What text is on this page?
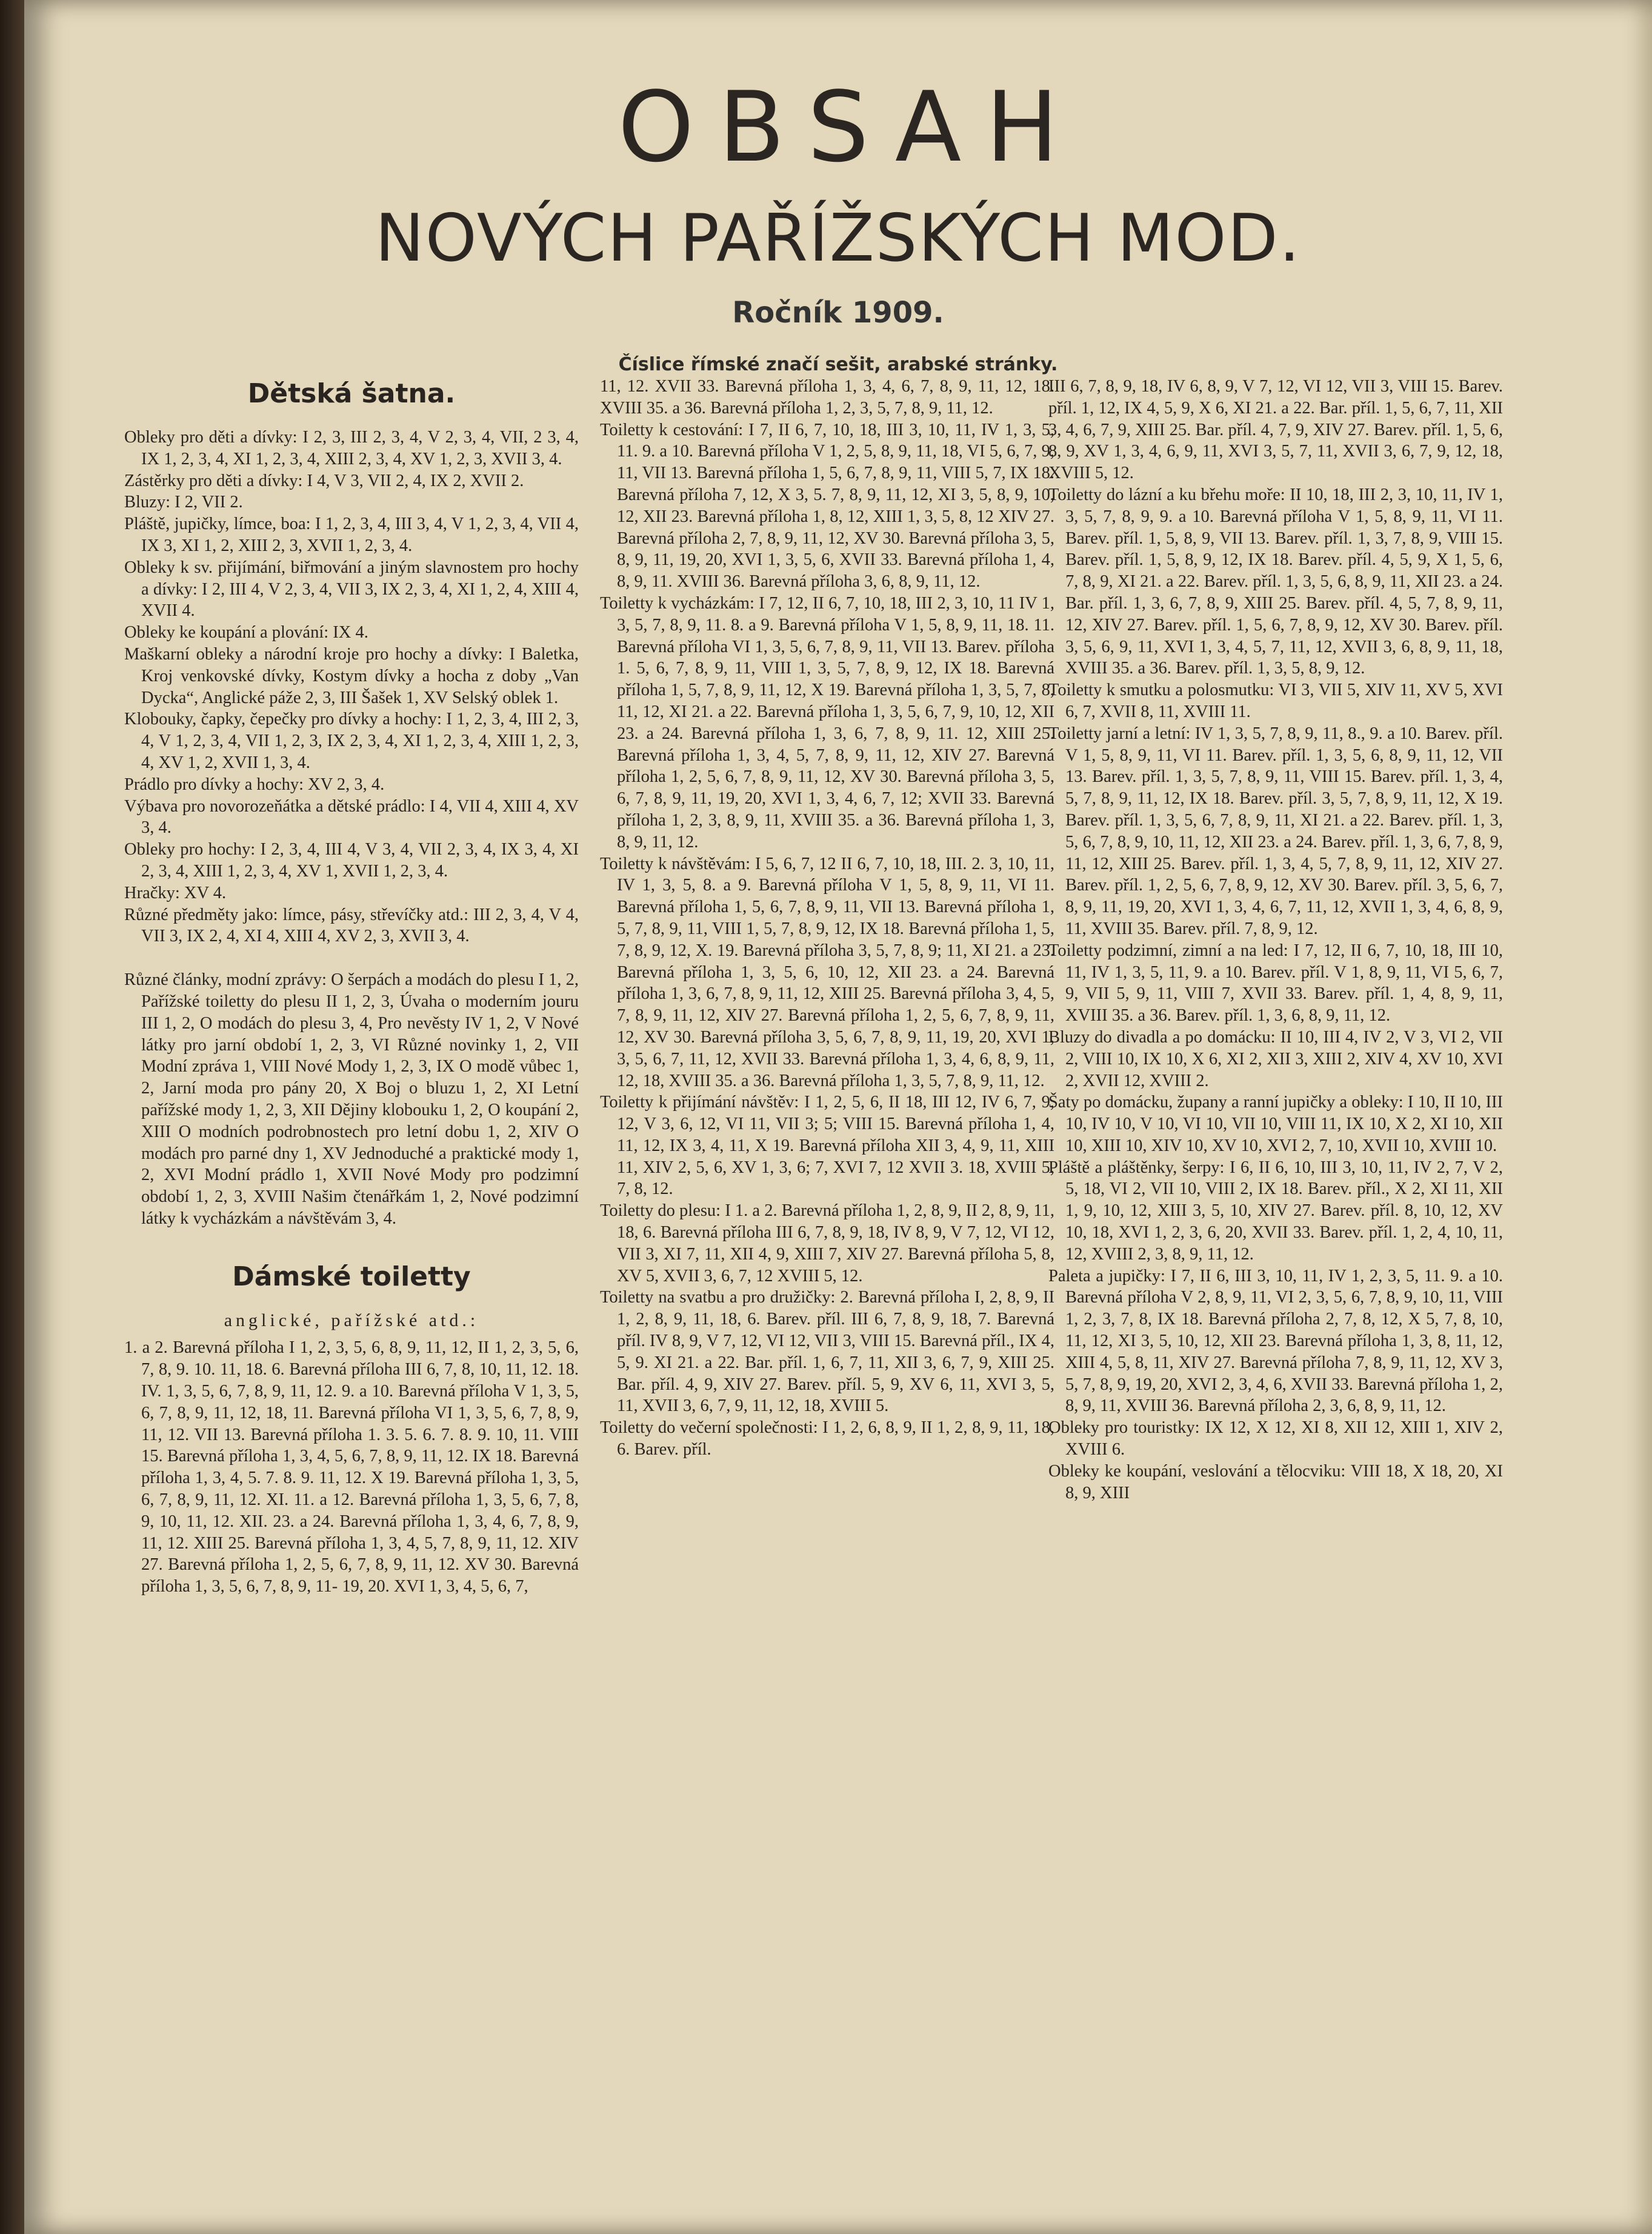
OBSAH
NOVÝCH PAŘÍŽSKÝCH MOD.
Ročník 1909.
Číslice římské značí sešit, arabské stránky.
Dětská šatna.

Obleky pro děti a dívky: I 2, 3, III 2, 3, 4, V 2, 3, 4, VII, 2 3, 4, IX 1, 2, 3, 4, XI 1, 2, 3, 4, XIII 2, 3, 4, XV 1, 2, 3, XVII 3, 4.

Zástěrky pro děti a dívky: I 4, V 3, VII 2, 4, IX 2, XVII 2.

Bluzy: I 2, VII 2.

Pláště, jupičky, límce, boa: I 1, 2, 3, 4, III 3, 4, V 1, 2, 3, 4, VII 4, IX 3, XI 1, 2, XIII 2, 3, XVII 1, 2, 3, 4.

Obleky k sv. přijímání, biřmování a jiným slavnostem pro hochy a dívky: I 2, III 4, V 2, 3, 4, VII 3, IX 2, 3, 4, XI 1, 2, 4, XIII 4, XVII 4.

Obleky ke koupání a plování: IX 4.

Maškarní obleky a národní kroje pro hochy a dívky: I Baletka, Kroj venkovské dívky, Kostym dívky a hocha z doby „Van Dycka“, Anglické páže 2, 3, III Šašek 1, XV Selský oblek 1.

Klobouky, čapky, čepečky pro dívky a hochy: I 1, 2, 3, 4, III 2, 3, 4, V 1, 2, 3, 4, VII 1, 2, 3, IX 2, 3, 4, XI 1, 2, 3, 4, XIII 1, 2, 3, 4, XV 1, 2, XVII 1, 3, 4.

Prádlo pro dívky a hochy: XV 2, 3, 4.

Výbava pro novorozeňátka a dětské prádlo: I 4, VII 4, XIII 4, XV 3, 4.

Obleky pro hochy: I 2, 3, 4, III 4, V 3, 4, VII 2, 3, 4, IX 3, 4, XI 2, 3, 4, XIII 1, 2, 3, 4, XV 1, XVII 1, 2, 3, 4.

Hračky: XV 4.

Různé předměty jako: límce, pásy, střevíčky atd.: III 2, 3, 4, V 4, VII 3, IX 2, 4, XI 4, XIII 4, XV 2, 3, XVII 3, 4.

Různé články, modní zprávy: O šerpách a modách do plesu I 1, 2, Pařížské toiletty do plesu II 1, 2, 3, Úvaha o moderním jouru III 1, 2, O modách do plesu 3, 4, Pro nevěsty IV 1, 2, V Nové látky pro jarní období 1, 2, 3, VI Různé novinky 1, 2, VII Modní zpráva 1, VIII Nové Mody 1, 2, 3, IX O modě vůbec 1, 2, Jarní moda pro pány 20, X Boj o bluzu 1, 2, XI Letní pařížské mody 1, 2, 3, XII Dějiny klobouku 1, 2, O koupání 2, XIII O modních podrobnostech pro letní dobu 1, 2, XIV O modách pro parné dny 1, XV Jednoduché a praktické mody 1, 2, XVI Modní prádlo 1, XVII Nové Mody pro podzimní období 1, 2, 3, XVIII Našim čtenářkám 1, 2, Nové podzimní látky k vycházkám a návštěvám 3, 4.

Dámské toiletty
anglické, pařížské atd.:

1. a 2. Barevná příloha I 1, 2, 3, 5, 6, 8, 9, 11, 12, II 1, 2, 3, 5, 6, 7, 8, 9. 10. 11, 18. 6. Barevná příloha III 6, 7, 8, 10, 11, 12. 18. IV. 1, 3, 5, 6, 7, 8, 9, 11, 12. 9. a 10. Barevná příloha V 1, 3, 5, 6, 7, 8, 9, 11, 12, 18, 11. Barevná příloha VI 1, 3, 5, 6, 7, 8, 9, 11, 12. VII 13. Barevná příloha 1. 3. 5. 6. 7. 8. 9. 10, 11. VIII 15. Barevná příloha 1, 3, 4, 5, 6, 7, 8, 9, 11, 12. IX 18. Barevná příloha 1, 3, 4, 5. 7. 8. 9. 11, 12. X 19. Barevná příloha 1, 3, 5, 6, 7, 8, 9, 11, 12. XI. 11. a 12. Barevná příloha 1, 3, 5, 6, 7, 8, 9, 10, 11, 12. XII. 23. a 24. Barevná příloha 1, 3, 4, 6, 7, 8, 9, 11, 12. XIII 25. Barevná příloha 1, 3, 4, 5, 7, 8, 9, 11, 12. XIV 27. Barevná příloha 1, 2, 5, 6, 7, 8, 9, 11, 12. XV 30. Barevná příloha 1, 3, 5, 6, 7, 8, 9, 11- 19, 20. XVI 1, 3, 4, 5, 6, 7,

11, 12. XVII 33. Barevná příloha 1, 3, 4, 6, 7, 8, 9, 11, 12, 18. XVIII 35. a 36. Barevná příloha 1, 2, 3, 5, 7, 8, 9, 11, 12.

Toiletty k cestování: I 7, II 6, 7, 10, 18, III 3, 10, 11, IV 1, 3, 5, 11. 9. a 10. Barevná příloha V 1, 2, 5, 8, 9, 11, 18, VI 5, 6, 7, 9, 11, VII 13. Barevná příloha 1, 5, 6, 7, 8, 9, 11, VIII 5, 7, IX 18. Barevná příloha 7, 12, X 3, 5. 7, 8, 9, 11, 12, XI 3, 5, 8, 9, 10, 12, XII 23. Barevná příloha 1, 8, 12, XIII 1, 3, 5, 8, 12 XIV 27. Barevná příloha 2, 7, 8, 9, 11, 12, XV 30. Barevná příloha 3, 5, 8, 9, 11, 19, 20, XVI 1, 3, 5, 6, XVII 33. Barevná příloha 1, 4, 8, 9, 11. XVIII 36. Barevná příloha 3, 6, 8, 9, 11, 12.

Toiletty k vycházkám: I 7, 12, II 6, 7, 10, 18, III 2, 3, 10, 11 IV 1, 3, 5, 7, 8, 9, 11. 8. a 9. Barevná příloha V 1, 5, 8, 9, 11, 18. 11. Barevná příloha VI 1, 3, 5, 6, 7, 8, 9, 11, VII 13. Barev. příloha 1. 5, 6, 7, 8, 9, 11, VIII 1, 3, 5, 7, 8, 9, 12, IX 18. Barevná příloha 1, 5, 7, 8, 9, 11, 12, X 19. Barevná příloha 1, 3, 5, 7, 8, 11, 12, XI 21. a 22. Barevná příloha 1, 3, 5, 6, 7, 9, 10, 12, XII 23. a 24. Barevná příloha 1, 3, 6, 7, 8, 9, 11. 12, XIII 25. Barevná příloha 1, 3, 4, 5, 7, 8, 9, 11, 12, XIV 27. Barevná příloha 1, 2, 5, 6, 7, 8, 9, 11, 12, XV 30. Barevná příloha 3, 5, 6, 7, 8, 9, 11, 19, 20, XVI 1, 3, 4, 6, 7, 12; XVII 33. Barevná příloha 1, 2, 3, 8, 9, 11, XVIII 35. a 36. Barevná příloha 1, 3, 8, 9, 11, 12.

Toiletty k návštěvám: I 5, 6, 7, 12 II 6, 7, 10, 18, III. 2. 3, 10, 11, IV 1, 3, 5, 8. a 9. Barevná příloha V 1, 5, 8, 9, 11, VI 11. Barevná příloha 1, 5, 6, 7, 8, 9, 11, VII 13. Barevná příloha 1, 5, 7, 8, 9, 11, VIII 1, 5, 7, 8, 9, 12, IX 18. Barevná příloha 1, 5, 7, 8, 9, 12, X. 19. Barevná příloha 3, 5, 7, 8, 9; 11, XI 21. a 23. Barevná příloha 1, 3, 5, 6, 10, 12, XII 23. a 24. Barevná příloha 1, 3, 6, 7, 8, 9, 11, 12, XIII 25. Barevná příloha 3, 4, 5, 7, 8, 9, 11, 12, XIV 27. Barevná příloha 1, 2, 5, 6, 7, 8, 9, 11, 12, XV 30. Barevná příloha 3, 5, 6, 7, 8, 9, 11, 19, 20, XVI 1, 3, 5, 6, 7, 11, 12, XVII 33. Barevná příloha 1, 3, 4, 6, 8, 9, 11, 12, 18, XVIII 35. a 36. Barevná příloha 1, 3, 5, 7, 8, 9, 11, 12.

Toiletty k přijímání návštěv: I 1, 2, 5, 6, II 18, III 12, IV 6, 7, 9, 12, V 3, 6, 12, VI 11, VII 3; 5; VIII 15. Barevná příloha 1, 4, 11, 12, IX 3, 4, 11, X 19. Barevná příloha XII 3, 4, 9, 11, XIII 11, XIV 2, 5, 6, XV 1, 3, 6; 7, XVI 7, 12 XVII 3. 18, XVIII 5, 7, 8, 12.

Toiletty do plesu: I 1. a 2. Barevná příloha 1, 2, 8, 9, II 2, 8, 9, 11, 18, 6. Barevná příloha III 6, 7, 8, 9, 18, IV 8, 9, V 7, 12, VI 12, VII 3, XI 7, 11, XII 4, 9, XIII 7, XIV 27. Barevná příloha 5, 8, XV 5, XVII 3, 6, 7, 12 XVIII 5, 12.

Toiletty na svatbu a pro družičky: 2. Barevná příloha I, 2, 8, 9, II 1, 2, 8, 9, 11, 18, 6. Barev. příl. III 6, 7, 8, 9, 18, 7. Barevná příl. IV 8, 9, V 7, 12, VI 12, VII 3, VIII 15. Barevná příl., IX 4, 5, 9. XI 21. a 22. Bar. příl. 1, 6, 7, 11, XII 3, 6, 7, 9, XIII 25. Bar. příl. 4, 9, XIV 27. Barev. příl. 5, 9, XV 6, 11, XVI 3, 5, 11, XVII 3, 6, 7, 9, 11, 12, 18, XVIII 5.

Toiletty do večerní společnosti: I 1, 2, 6, 8, 9, II 1, 2, 8, 9, 11, 18, 6. Barev. příl.

III 6, 7, 8, 9, 18, IV 6, 8, 9, V 7, 12, VI 12, VII 3, VIII 15. Barev. příl. 1, 12, IX 4, 5, 9, X 6, XI 21. a 22. Bar. příl. 1, 5, 6, 7, 11, XII 3, 4, 6, 7, 9, XIII 25. Bar. příl. 4, 7, 9, XIV 27. Barev. příl. 1, 5, 6, 8, 9, XV 1, 3, 4, 6, 9, 11, XVI 3, 5, 7, 11, XVII 3, 6, 7, 9, 12, 18, XVIII 5, 12.

Toiletty do lázní a ku břehu moře: II 10, 18, III 2, 3, 10, 11, IV 1, 3, 5, 7, 8, 9, 9. a 10. Barevná příloha V 1, 5, 8, 9, 11, VI 11. Barev. příl. 1, 5, 8, 9, VII 13. Barev. příl. 1, 3, 7, 8, 9, VIII 15. Barev. příl. 1, 5, 8, 9, 12, IX 18. Barev. příl. 4, 5, 9, X 1, 5, 6, 7, 8, 9, XI 21. a 22. Barev. příl. 1, 3, 5, 6, 8, 9, 11, XII 23. a 24. Bar. příl. 1, 3, 6, 7, 8, 9, XIII 25. Barev. příl. 4, 5, 7, 8, 9, 11, 12, XIV 27. Barev. příl. 1, 5, 6, 7, 8, 9, 12, XV 30. Barev. příl. 3, 5, 6, 9, 11, XVI 1, 3, 4, 5, 7, 11, 12, XVII 3, 6, 8, 9, 11, 18, XVIII 35. a 36. Barev. příl. 1, 3, 5, 8, 9, 12.

Toiletty k smutku a polosmutku: VI 3, VII 5, XIV 11, XV 5, XVI 6, 7, XVII 8, 11, XVIII 11.

Toiletty jarní a letní: IV 1, 3, 5, 7, 8, 9, 11, 8., 9. a 10. Barev. příl. V 1, 5, 8, 9, 11, VI 11. Barev. příl. 1, 3, 5, 6, 8, 9, 11, 12, VII 13. Barev. příl. 1, 3, 5, 7, 8, 9, 11, VIII 15. Barev. příl. 1, 3, 4, 5, 7, 8, 9, 11, 12, IX 18. Barev. příl. 3, 5, 7, 8, 9, 11, 12, X 19. Barev. příl. 1, 3, 5, 6, 7, 8, 9, 11, XI 21. a 22. Barev. příl. 1, 3, 5, 6, 7, 8, 9, 10, 11, 12, XII 23. a 24. Barev. příl. 1, 3, 6, 7, 8, 9, 11, 12, XIII 25. Barev. příl. 1, 3, 4, 5, 7, 8, 9, 11, 12, XIV 27. Barev. příl. 1, 2, 5, 6, 7, 8, 9, 12, XV 30. Barev. příl. 3, 5, 6, 7, 8, 9, 11, 19, 20, XVI 1, 3, 4, 6, 7, 11, 12, XVII 1, 3, 4, 6, 8, 9, 11, XVIII 35. Barev. příl. 7, 8, 9, 12.

Toiletty podzimní, zimní a na led: I 7, 12, II 6, 7, 10, 18, III 10, 11, IV 1, 3, 5, 11, 9. a 10. Barev. příl. V 1, 8, 9, 11, VI 5, 6, 7, 9, VII 5, 9, 11, VIII 7, XVII 33. Barev. příl. 1, 4, 8, 9, 11, XVIII 35. a 36. Barev. příl. 1, 3, 6, 8, 9, 11, 12.

Bluzy do divadla a po domácku: II 10, III 4, IV 2, V 3, VI 2, VII 2, VIII 10, IX 10, X 6, XI 2, XII 3, XIII 2, XIV 4, XV 10, XVI 2, XVII 12, XVIII 2.

Šaty po domácku, župany a ranní jupičky a obleky: I 10, II 10, III 10, IV 10, V 10, VI 10, VII 10, VIII 11, IX 10, X 2, XI 10, XII 10, XIII 10, XIV 10, XV 10, XVI 2, 7, 10, XVII 10, XVIII 10.

Pláště a pláštěnky, šerpy: I 6, II 6, 10, III 3, 10, 11, IV 2, 7, V 2, 5, 18, VI 2, VII 10, VIII 2, IX 18. Barev. příl., X 2, XI 11, XII 1, 9, 10, 12, XIII 3, 5, 10, XIV 27. Barev. příl. 8, 10, 12, XV 10, 18, XVI 1, 2, 3, 6, 20, XVII 33. Barev. příl. 1, 2, 4, 10, 11, 12, XVIII 2, 3, 8, 9, 11, 12.

Paleta a jupičky: I 7, II 6, III 3, 10, 11, IV 1, 2, 3, 5, 11. 9. a 10. Barevná příloha V 2, 8, 9, 11, VI 2, 3, 5, 6, 7, 8, 9, 10, 11, VIII 1, 2, 3, 7, 8, IX 18. Barevná příloha 2, 7, 8, 12, X 5, 7, 8, 10, 11, 12, XI 3, 5, 10, 12, XII 23. Barevná příloha 1, 3, 8, 11, 12, XIII 4, 5, 8, 11, XIV 27. Barevná příloha 7, 8, 9, 11, 12, XV 3, 5, 7, 8, 9, 19, 20, XVI 2, 3, 4, 6, XVII 33. Barevná příloha 1, 2, 8, 9, 11, XVIII 36. Barevná příloha 2, 3, 6, 8, 9, 11, 12.

Obleky pro touristky: IX 12, X 12, XI 8, XII 12, XIII 1, XIV 2, XVIII 6.

Obleky ke koupání, veslování a tělocviku: VIII 18, X 18, 20, XI 8, 9, XIII
